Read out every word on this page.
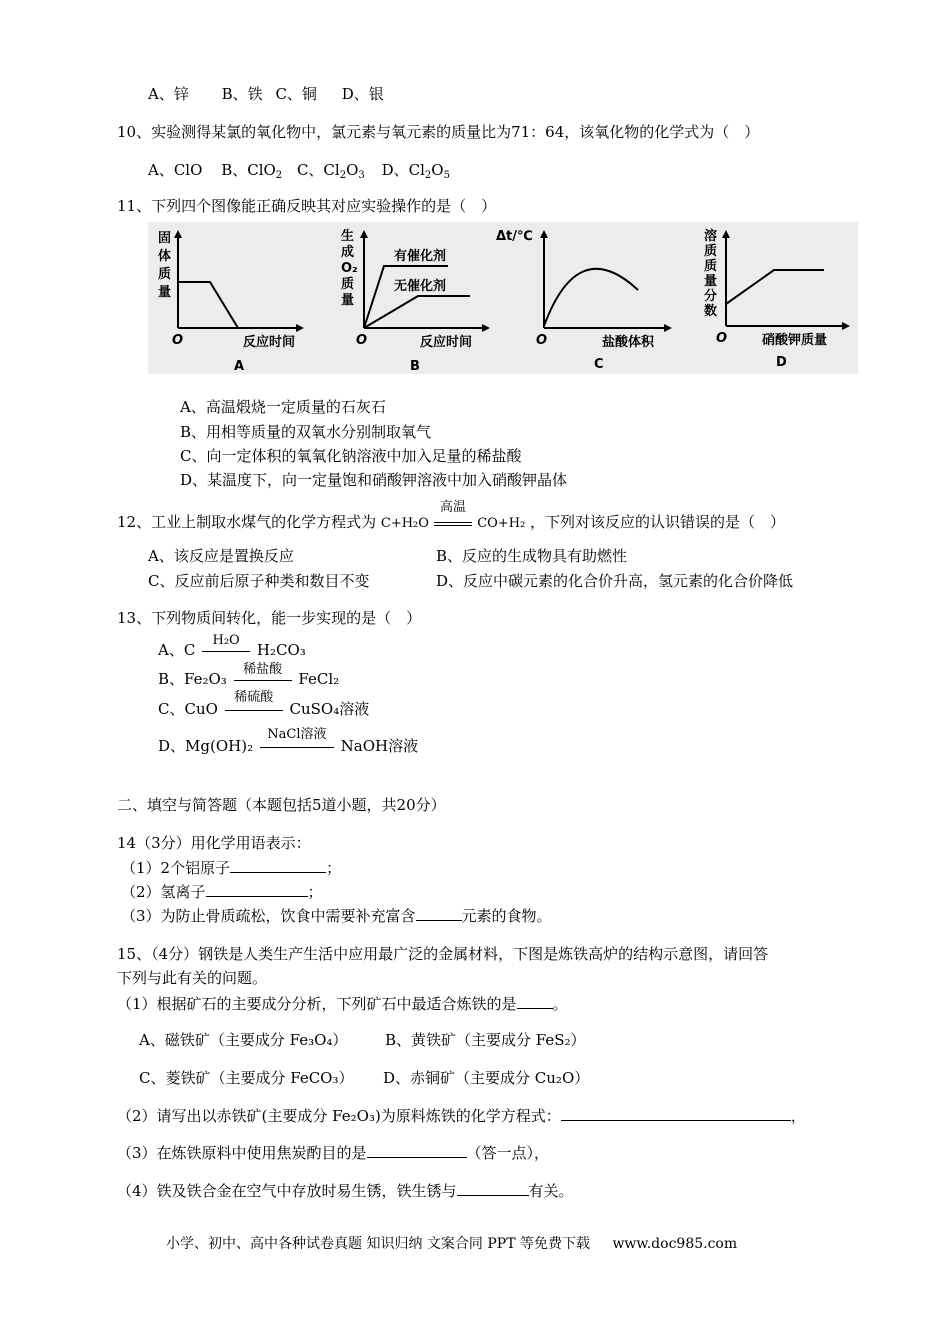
A、锌 B、铁 C、铜 D、银
10、实验测得某氯的氧化物中，氯元素与氧元素的质量比为71：64，该氧化物的化学式为（　）
A、ClO B、ClO$_2$ C、$Cl_2O_3$ D、$Cl_2O_5$
11、下列四个图像能正确反映其对应实验操作的是（　）
固
体
质
量
O	反应时间
A
生
成
O₂
质
量
有催化剂
无催化剂
O	反应时间
B
Δt/℃
O	盐酸体积
C
溶
质
质
量
分
数
O	硝酸钾质量
D
A、高温煅烧一定质量的石灰石
B、用相等质量的双氧水分别制取氧气
C、向一定体积的氧氧化钠溶液中加入足量的稀盐酸
D、某温度下，向一定量饱和硝酸钾溶液中加入硝酸钾晶体
12、工业上制取水煤气的化学方程式为 C+H₂O
高温
CO+H₂ ，下列对该反应的认识错误的是（　）
A、该反应是置换反应	B、反应的生成物具有助燃性
C、反应前后原子种类和数目不变	D、反应中碳元素的化合价升高，氢元素的化合价降低
13、下列物质间转化，能一步实现的是（　）
A、C
H₂O
H₂CO₃
B、Fe₂O₃
稀盐酸
FeCl₂
C、CuO
稀硫酸
CuSO₄溶液
D、Mg(OH)₂
NaCl溶液
NaOH溶液
二、填空与简答题（本题包括5道小题，共20分）
14（3分）用化学用语表示：
（1）2个铝原子	；
（2）氢离子	；
（3）为防止骨质疏松，饮食中需要补充富含	元素的食物。
15、（4分）钢铁是人类生产生活中应用最广泛的金属材料，下图是炼铁高炉的结构示意图，请回答
下列与此有关的问题。
（1）根据矿石的主要成分分析，下列矿石中最适合炼铁的是 。
A、磁铁矿（主要成分 Fe₃O₄）	B、黄铁矿（主要成分 FeS₂）
C、菱铁矿（主要成分 FeCO₃） D、赤铜矿（主要成分 Cu₂O）
（2）请写出以赤铁矿(主要成分 Fe₂O₃)为原料炼铁的化学方程式：	，
（3）在炼铁原料中使用焦炭酌目的是	（答一点），
（4）铁及铁合金在空气中存放时易生锈，铁生锈与	有关。
小学、初中、高中各种试卷真题 知识归纳 文案合同 PPT 等免费下载 www.doc985.com
